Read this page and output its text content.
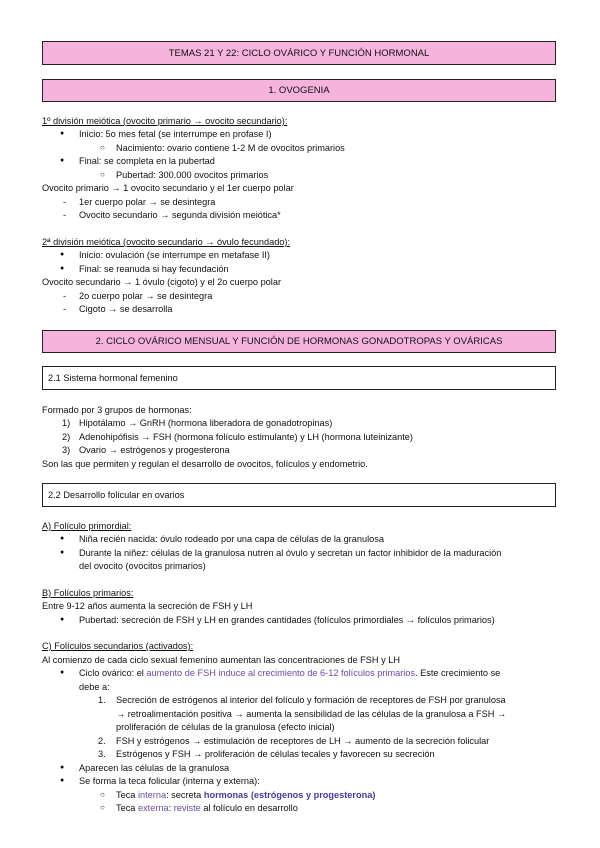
TEMAS 21 Y 22: CICLO OVÁRICO Y FUNCIÓN HORMONAL
1. OVOGENIA
1º división meiótica (ovocito primario → ovocito secundario):
● Inicio: 5o mes fetal (se interrumpe en profase I)
○ Nacimiento: ovario contiene 1-2 M de ovocitos primarios
● Final: se completa en la pubertad
○ Pubertad: 300.000 ovocitos primarios
Ovocito primario → 1 ovocito secundario y el 1er cuerpo polar
- 1er cuerpo polar → se desintegra
- Ovocito secundario → segunda división meiótica*
2ª división meiótica (ovocito secundario → óvulo fecundado):
● Inicio: ovulación (se interrumpe en metafase II)
● Final: se reanuda si hay fecundación
Ovocito secundario → 1 óvulo (cigoto) y el 2o cuerpo polar
- 2o cuerpo polar → se desintegra
- Cigoto → se desarrolla
2. CICLO OVÁRICO MENSUAL Y FUNCIÓN DE HORMONAS GONADOTROPAS Y OVÁRICAS
2.1 Sistema hormonal femenino
Formado por 3 grupos de hormonas:
1) Hipotálamo → GnRH (hormona liberadora de gonadotropinas)
2) Adenohipófisis → FSH (hormona folículo estimulante) y LH (hormona luteinizante)
3) Ovario → estrógenos y progesterona
Son las que permiten y regulan el desarrollo de ovocitos, folículos y endometrio.
2.2 Desarrollo folicular en ovarios
A) Folículo primordial:
● Niña recién nacida: óvulo rodeado por una capa de células de la granulosa
● Durante la niñez: células de la granulosa nutren al óvulo y secretan un factor inhibidor de la maduración
del ovocito (ovocitos primarios)
B) Folículos primarios:
Entre 9-12 años aumenta la secreción de FSH y LH
● Pubertad: secreción de FSH y LH en grandes cantidades (folículos primordiales → folículos primarios)
C) Folículos secundarios (activados):
Al comienzo de cada ciclo sexual femenino aumentan las concentraciones de FSH y LH
● Ciclo ovárico: el aumento de FSH induce al crecimiento de 6-12 folículos primarios. Este crecimiento se
debe a:
1. Secreción de estrógenos al interior del folículo y formación de receptores de FSH por granulosa
→ retroalimentación positiva → aumenta la sensibilidad de las células de la granulosa a FSH →
proliferación de células de la granulosa (efecto inicial)
2. FSH y estrógenos → estimulación de receptores de LH → aumento de la secreción folicular
3. Estrógenos y FSH → proliferación de células tecales y favorecen su secreción
● Aparecen las células de la granulosa
● Se forma la teca folicular (interna y externa):
○ Teca interna: secreta hormonas (estrógenos y progesterona)
○ Teca externa: reviste al folículo en desarrollo
